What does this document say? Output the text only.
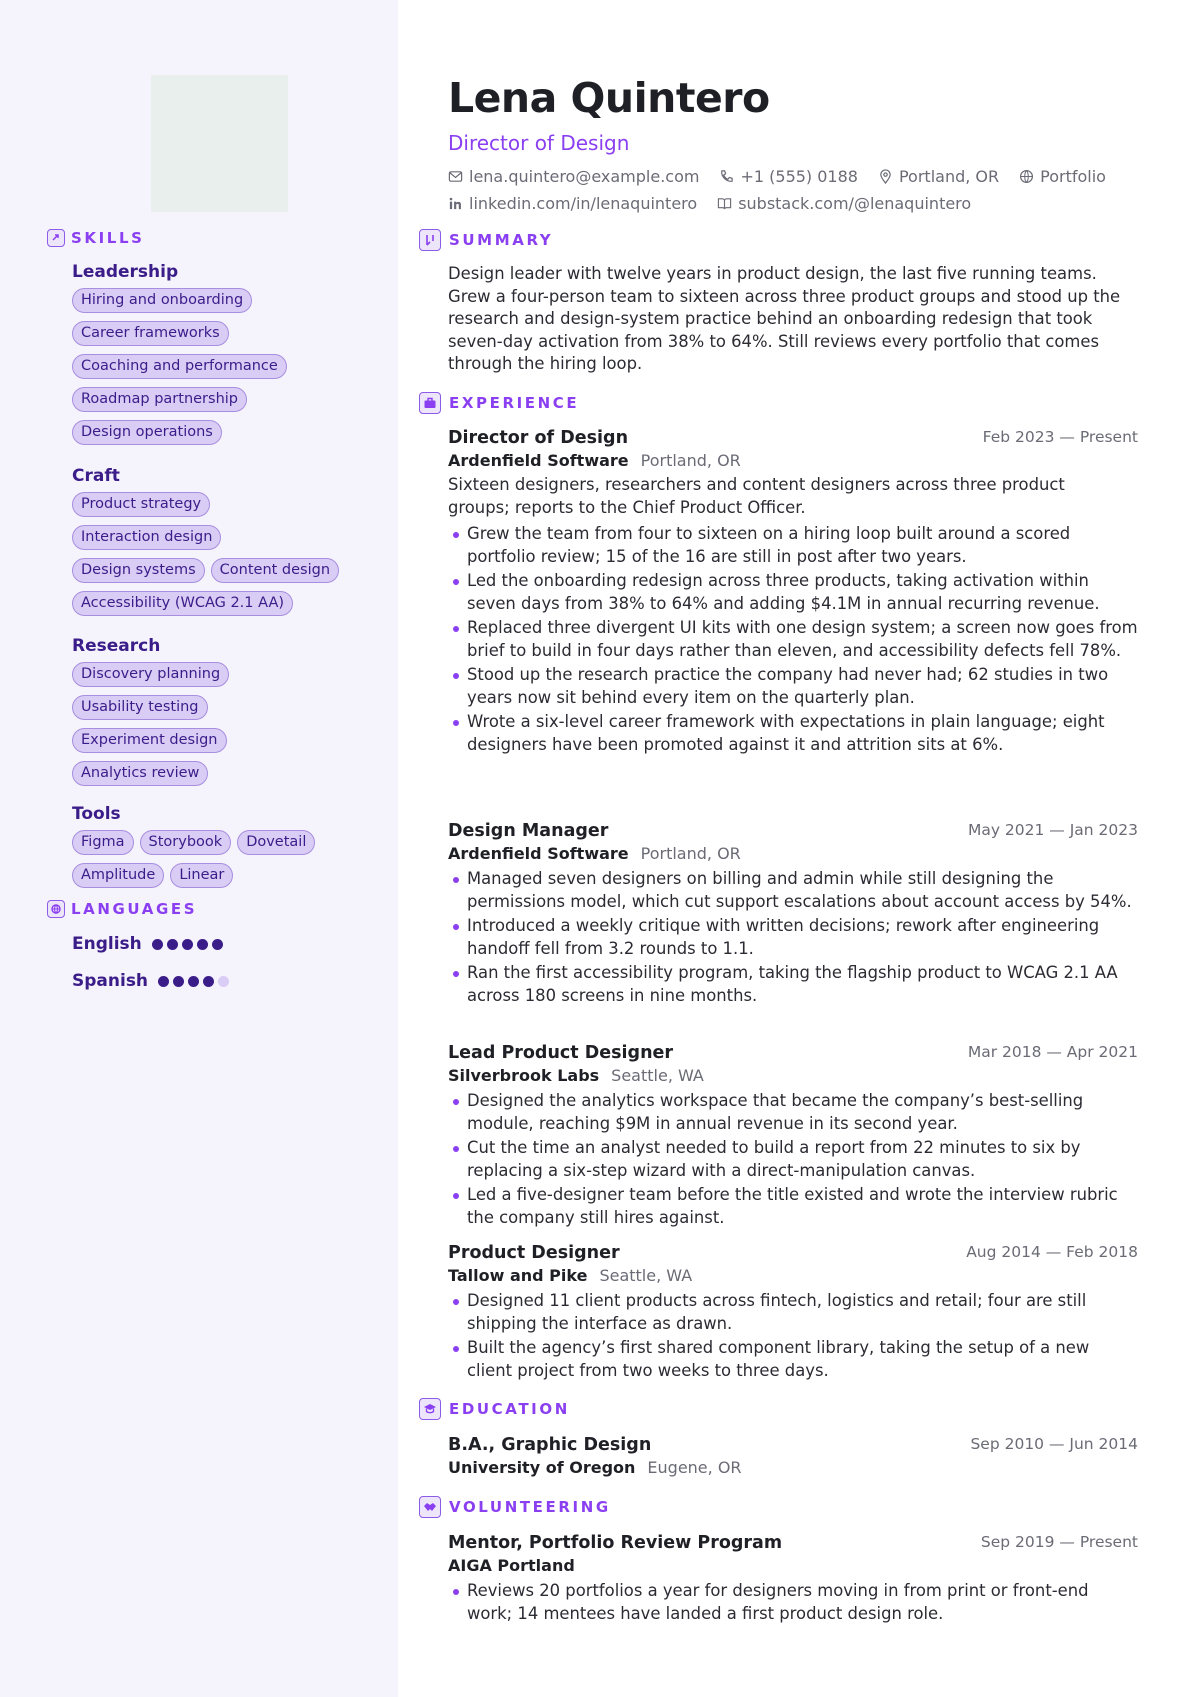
SKILLS
Leadership
Hiring and onboarding
Career frameworks
Coaching and performance
Roadmap partnership
Design operations
Craft
Product strategy
Interaction design
Design systems	Content design
Accessibility (WCAG 2.1 AA)
Research
Discovery planning
Usability testing
Experiment design
Analytics review
Tools
Figma	Storybook	Dovetail
Amplitude	Linear
LANGUAGES
English
Spanish
Lena Quintero
Director of Design
lena.quintero@example.com	+1 (555) 0188	Portland, OR	Portfolio
linkedin.com/in/lenaquintero	substack.com/@lenaquintero
SUMMARY

Design leader with twelve years in product design, the last five running teams. Grew a four-person team to sixteen across three product groups and stood up the research and design-system practice behind an onboarding redesign that took seven-day activation from 38% to 64%. Still reviews every portfolio that comes through the hiring loop.

EXPERIENCE
Director of Design	Feb 2023 — Present
Ardenfield Software Portland, OR

Sixteen designers, researchers and content designers across three product groups; reports to the Chief Product Officer.

Grew the team from four to sixteen on a hiring loop built around a scored portfolio review; 15 of the 16 are still in post after two years.
Led the onboarding redesign across three products, taking activation within seven days from 38% to 64% and adding $4.1M in annual recurring revenue.
Replaced three divergent UI kits with one design system; a screen now goes from brief to build in four days rather than eleven, and accessibility defects fell 78%.
Stood up the research practice the company had never had; 62 studies in two years now sit behind every item on the quarterly plan.
Wrote a six-level career framework with expectations in plain language; eight designers have been promoted against it and attrition sits at 6%.
Design Manager	May 2021 — Jan 2023
Ardenfield Software Portland, OR
Managed seven designers on billing and admin while still designing the permissions model, which cut support escalations about account access by 54%.
Introduced a weekly critique with written decisions; rework after engineering handoff fell from 3.2 rounds to 1.1.
Ran the first accessibility program, taking the flagship product to WCAG 2.1 AA across 180 screens in nine months.
Lead Product Designer	Mar 2018 — Apr 2021
Silverbrook Labs Seattle, WA
Designed the analytics workspace that became the company’s best-selling module, reaching $9M in annual revenue in its second year.
Cut the time an analyst needed to build a report from 22 minutes to six by replacing a six-step wizard with a direct-manipulation canvas.
Led a five-designer team before the title existed and wrote the interview rubric the company still hires against.
Product Designer	Aug 2014 — Feb 2018
Tallow and Pike Seattle, WA
Designed 11 client products across fintech, logistics and retail; four are still shipping the interface as drawn.
Built the agency’s first shared component library, taking the setup of a new client project from two weeks to three days.
EDUCATION
B.A., Graphic Design	Sep 2010 — Jun 2014
University of Oregon Eugene, OR
VOLUNTEERING
Mentor, Portfolio Review Program	Sep 2019 — Present
AIGA Portland
Reviews 20 portfolios a year for designers moving in from print or front-end work; 14 mentees have landed a first product design role.
